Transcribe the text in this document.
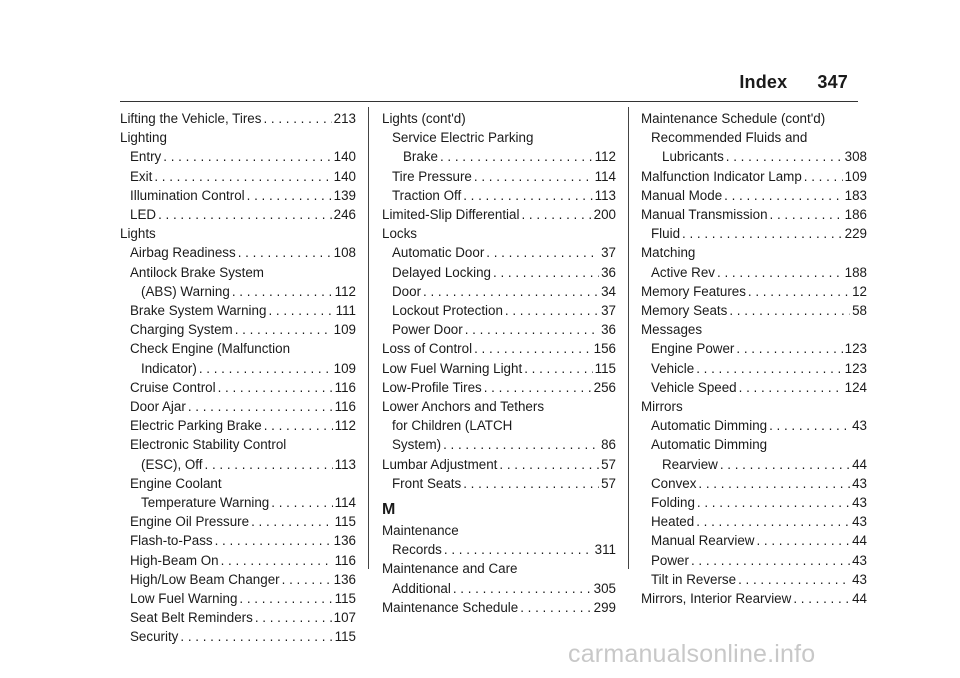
Index 347
Lifting the Vehicle, Tires . . .	213
Lighting
Entry . . .	140
Exit . . .	140
Illumination Control . . .	139
LED . . .	246
Lights
Airbag Readiness . . .	108
Antilock Brake System
(ABS) Warning . . .	112
Brake System Warning . . .	111
Charging System . . .	109
Check Engine (Malfunction
Indicator) . . .	109
Cruise Control . . .	116
Door Ajar . . .	116
Electric Parking Brake . . .	112
Electronic Stability Control
(ESC), Off . . .	113
Engine Coolant
Temperature Warning . . .	114
Engine Oil Pressure . . .	115
Flash-to-Pass . . .	136
High-Beam On . . .	116
High/Low Beam Changer . . .	136
Low Fuel Warning . . .	115
Seat Belt Reminders . . .	107
Security . . .	115
Lights (cont'd)
Service Electric Parking
Brake . . .	112
Tire Pressure . . .	114
Traction Off . . .	113
Limited-Slip Differential . . .	200
Locks
Automatic Door . . .	37
Delayed Locking . . .	36
Door . . .	34
Lockout Protection . . .	37
Power Door . . .	36
Loss of Control . . .	156
Low Fuel Warning Light . . .	115
Low-Profile Tires . . .	256
Lower Anchors and Tethers
for Children (LATCH
System) . . .	86
Lumbar Adjustment . . .	57
Front Seats . . .	57
M
Maintenance
Records . . .	311
Maintenance and Care
Additional . . .	305
Maintenance Schedule . . .	299
Maintenance Schedule (cont'd)
Recommended Fluids and
Lubricants . . .	308
Malfunction Indicator Lamp . . .	109
Manual Mode . . .	183
Manual Transmission . . .	186
Fluid . . .	229
Matching
Active Rev . . .	188
Memory Features . . .	12
Memory Seats . . .	58
Messages
Engine Power . . .	123
Vehicle . . .	123
Vehicle Speed . . .	124
Mirrors
Automatic Dimming . . .	43
Automatic Dimming
Rearview . . .	44
Convex . . .	43
Folding . . .	43
Heated . . .	43
Manual Rearview . . .	44
Power . . .	43
Tilt in Reverse . . .	43
Mirrors, Interior Rearview . . .	44
carmanualsonline.info
